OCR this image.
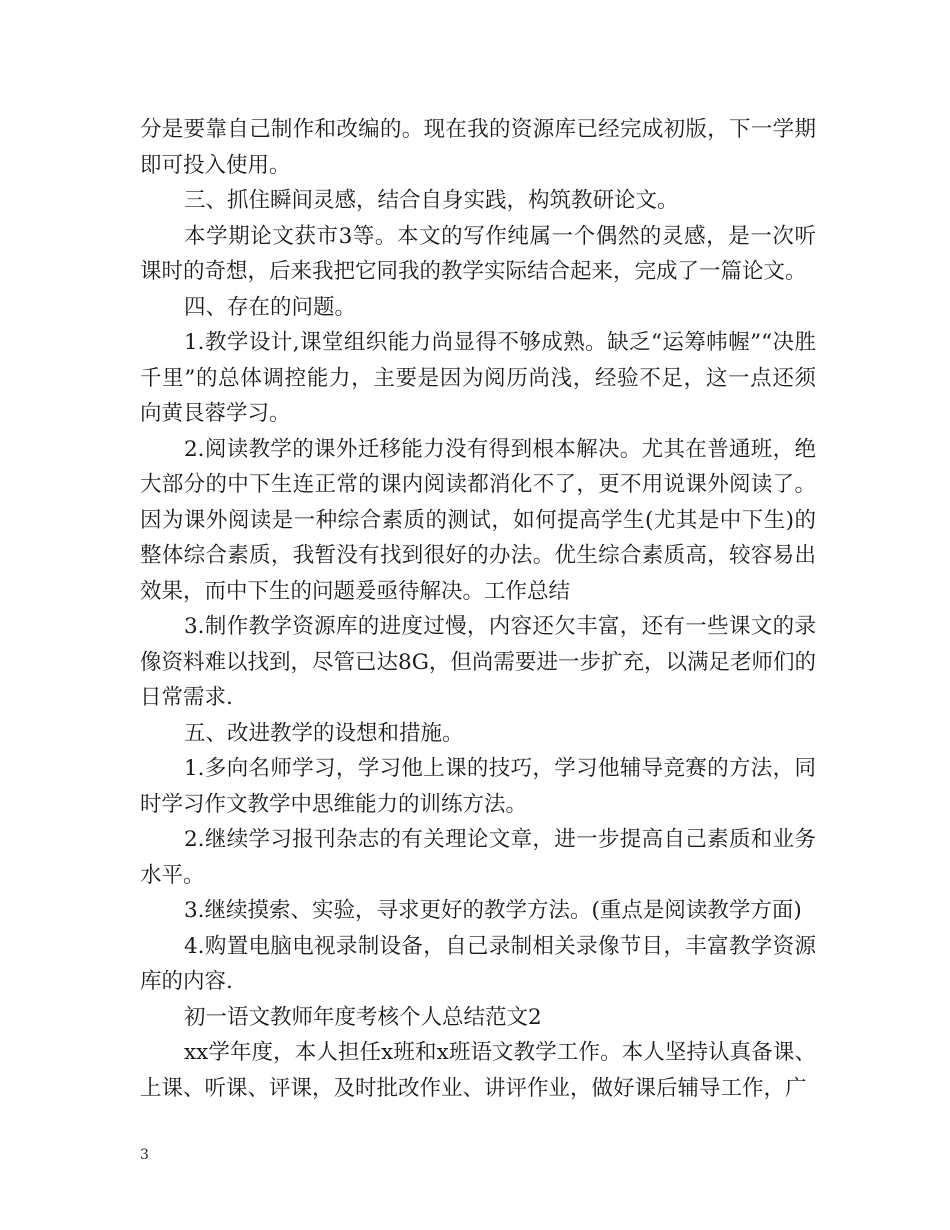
分是要靠自己制作和改编的。现在我的资源库已经完成初版，下一学期即可投入使用。

三、抓住瞬间灵感，结合自身实践，构筑教研论文。

本学期论文获市3等。本文的写作纯属一个偶然的灵感，是一次听课时的奇想，后来我把它同我的教学实际结合起来，完成了一篇论文。

四、存在的问题。

1.教学设计,课堂组织能力尚显得不够成熟。缺乏“运筹帏幄”“决胜千里”的总体调控能力，主要是因为阅历尚浅，经验不足，这一点还须向黄艮蓉学习。

2.阅读教学的课外迁移能力没有得到根本解决。尤其在普通班，绝大部分的中下生连正常的课内阅读都消化不了，更不用说课外阅读了。因为课外阅读是一种综合素质的测试，如何提高学生(尤其是中下生)的整体综合素质，我暂没有找到很好的办法。优生综合素质高，较容易出效果，而中下生的问题爰亟待解决。工作总结

3.制作教学资源库的进度过慢，内容还欠丰富，还有一些课文的录像资料难以找到，尽管已达8G，但尚需要进一步扩充，以满足老师们的日常需求.

五、改进教学的设想和措施。

1.多向名师学习，学习他上课的技巧，学习他辅导竞赛的方法，同时学习作文教学中思维能力的训练方法。

2.继续学习报刊杂志的有关理论文章，进一步提高自己素质和业务水平。

3.继续摸索、实验，寻求更好的教学方法。(重点是阅读教学方面)

4.购置电脑电视录制设备，自己录制相关录像节目，丰富教学资源库的内容.

初一语文教师年度考核个人总结范文2

xx学年度，本人担任x班和x班语文教学工作。本人坚持认真备课、上课、听课、评课，及时批改作业、讲评作业，做好课后辅导工作，广

3
